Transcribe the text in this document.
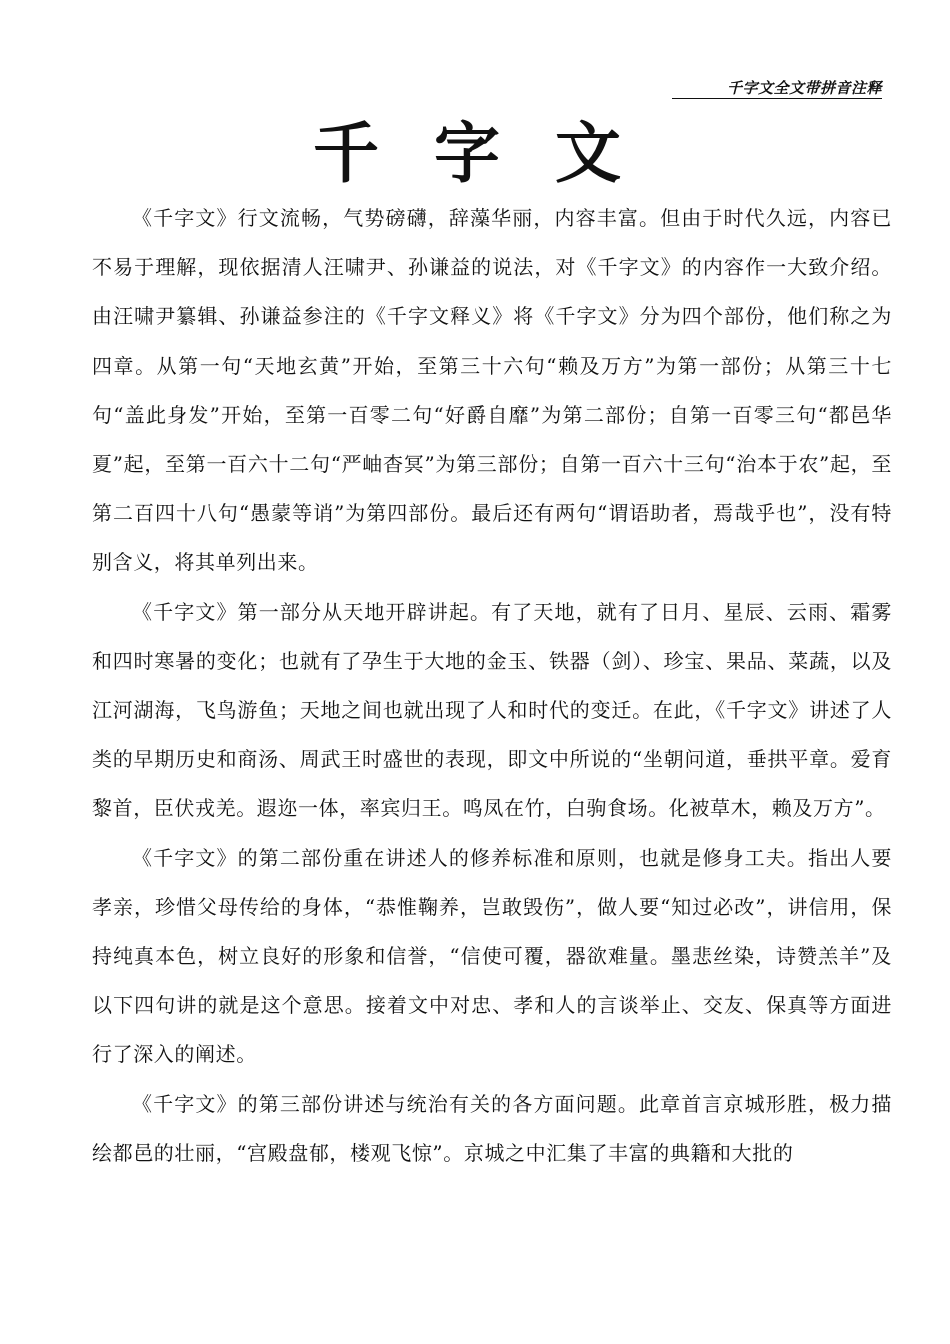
千字文全文带拼音注释
千 字 文

《千字文》行文流畅，气势磅礴，辞藻华丽，内容丰富。但由于时代久远，内容已不易于理解，现依据清人汪啸尹、孙谦益的说法，对《千字文》的内容作一大致介绍。由汪啸尹纂辑、孙谦益参注的《千字文释义》将《千字文》分为四个部份，他们称之为四章。从第一句“天地玄黄”开始，至第三十六句“赖及万方”为第一部份；从第三十七句“盖此身发”开始，至第一百零二句“好爵自靡”为第二部份；自第一百零三句“都邑华夏”起，至第一百六十二句“严岫杳冥”为第三部份；自第一百六十三句“治本于农”起，至第二百四十八句“愚蒙等诮”为第四部份。最后还有两句“谓语助者，焉哉乎也”，没有特别含义，将其单列出来。

《千字文》第一部分从天地开辟讲起。有了天地，就有了日月、星辰、云雨、霜雾和四时寒暑的变化；也就有了孕生于大地的金玉、铁器（剑）、珍宝、果品、菜蔬，以及江河湖海，飞鸟游鱼；天地之间也就出现了人和时代的变迁。在此，《千字文》讲述了人类的早期历史和商汤、周武王时盛世的表现，即文中所说的“坐朝问道，垂拱平章。爱育黎首，臣伏戎羌。遐迩一体，率宾归王。鸣凤在竹，白驹食场。化被草木，赖及万方”。

《千字文》的第二部份重在讲述人的修养标准和原则，也就是修身工夫。指出人要孝亲，珍惜父母传给的身体，“恭惟鞠养，岂敢毁伤”，做人要“知过必改”，讲信用，保持纯真本色，树立良好的形象和信誉，“信使可覆，器欲难量。墨悲丝染，诗赞羔羊”及以下四句讲的就是这个意思。接着文中对忠、孝和人的言谈举止、交友、保真等方面进行了深入的阐述。

《千字文》的第三部份讲述与统治有关的各方面问题。此章首言京城形胜，极力描绘都邑的壮丽，“宫殿盘郁，楼观飞惊”。京城之中汇集了丰富的典籍和大批的
